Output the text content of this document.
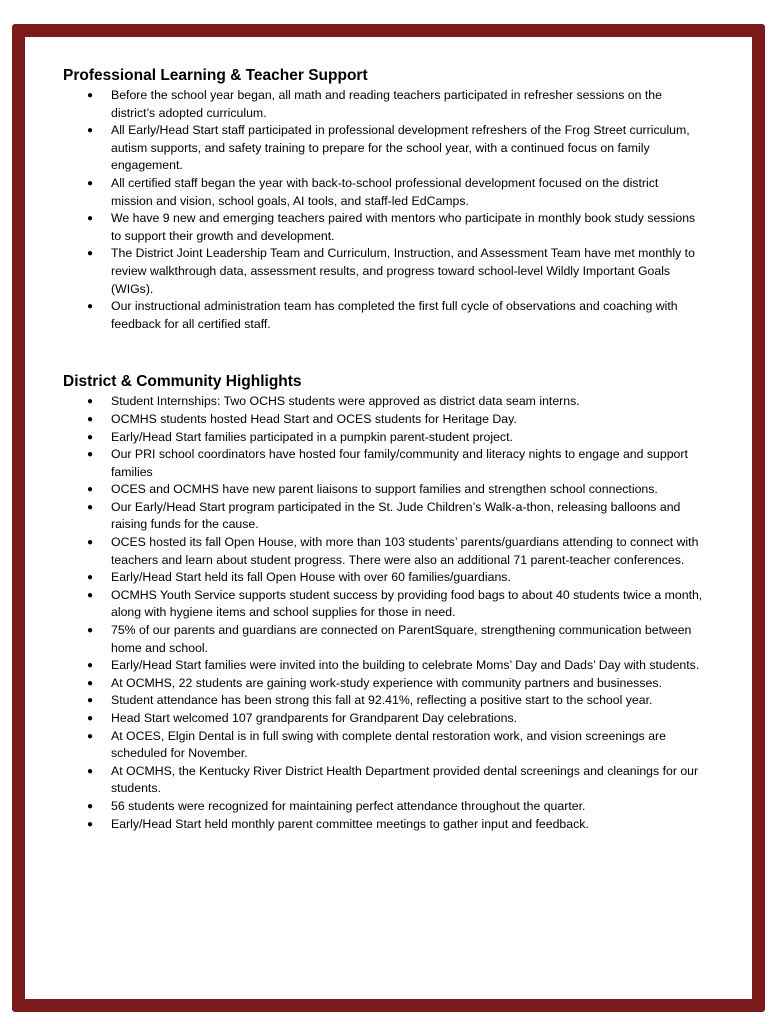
Professional Learning & Teacher Support
● Before the school year began, all math and reading teachers participated in refresher sessions on the district’s adopted curriculum.
● All Early/Head Start staff participated in professional development refreshers of the Frog Street curriculum, autism supports, and safety training to prepare for the school year, with a continued focus on family engagement.
● All certified staff began the year with back-to-school professional development focused on the district mission and vision, school goals, AI tools, and staff-led EdCamps.
● We have 9 new and emerging teachers paired with mentors who participate in monthly book study sessions to support their growth and development.
● The District Joint Leadership Team and Curriculum, Instruction, and Assessment Team have met monthly to review walkthrough data, assessment results, and progress toward school-level Wildly Important Goals (WIGs).
● Our instructional administration team has completed the first full cycle of observations and coaching with feedback for all certified staff.
District & Community Highlights
● Student Internships: Two OCHS students were approved as district data seam interns.
● OCMHS students hosted Head Start and OCES students for Heritage Day.
● Early/Head Start families participated in a pumpkin parent-student project.
● Our PRI school coordinators have hosted four family/community and literacy nights to engage and support families
● OCES and OCMHS have new parent liaisons to support families and strengthen school connections.
● Our Early/Head Start program participated in the St. Jude Children’s Walk-a-thon, releasing balloons and raising funds for the cause.
● OCES hosted its fall Open House, with more than 103 students’ parents/guardians attending to connect with teachers and learn about student progress. There were also an additional 71 parent-teacher conferences.
● Early/Head Start held its fall Open House with over 60 families/guardians.
● OCMHS Youth Service supports student success by providing food bags to about 40 students twice a month, along with hygiene items and school supplies for those in need.
● 75% of our parents and guardians are connected on ParentSquare, strengthening communication between home and school.
● Early/Head Start families were invited into the building to celebrate Moms’ Day and Dads’ Day with students.
● At OCMHS, 22 students are gaining work-study experience with community partners and businesses.
● Student attendance has been strong this fall at 92.41%, reflecting a positive start to the school year.
● Head Start welcomed 107 grandparents for Grandparent Day celebrations.
● At OCES, Elgin Dental is in full swing with complete dental restoration work, and vision screenings are scheduled for November.
● At OCMHS, the Kentucky River District Health Department provided dental screenings and cleanings for our students.
● 56 students were recognized for maintaining perfect attendance throughout the quarter.
● Early/Head Start held monthly parent committee meetings to gather input and feedback.
